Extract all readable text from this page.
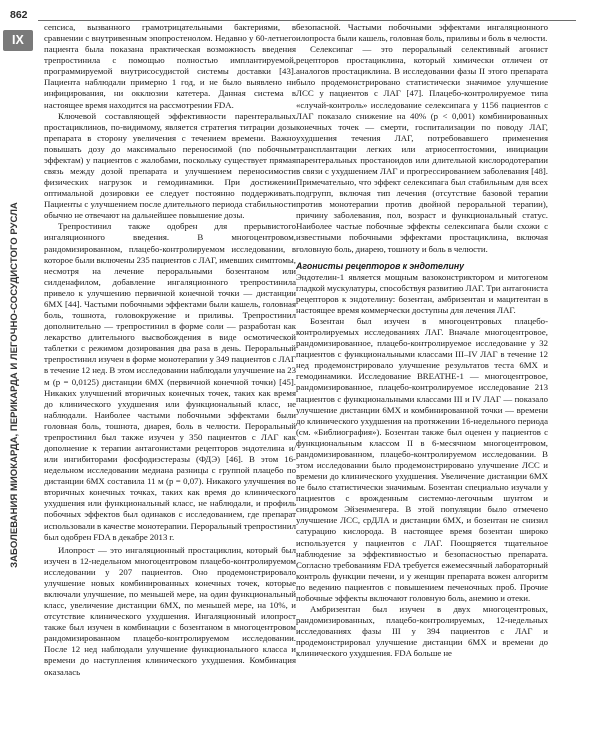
862
IX
ЗАБОЛЕВАНИЯ МИОКАРДА, ПЕРИКАРДА И ЛЕГОЧНО-СОСУДИСТОГО РУСЛА

сепсиса, вызванного грамотрицательными бактериями, в сравнении с внутривенным эпопростенолом. Недавно у 60-летнего пациента была показана практическая возможность введения трепростинила с помощью полностью имплантируемой, программируемой внутрисосудистой системы доставки [43]. Пациента наблюдали примерно 1 год, и не было выявлено ни инфицирования, ни окклюзии катетера. Данная система в настоящее время находится на рассмотрении FDA.

Ключевой составляющей эффективности парентеральных простациклинов, по-видимому, является стратегия титрации дозы препарата в сторону увеличения с течением времени. Важно повышать дозу до максимально переносимой (по побочным эффектам) у пациентов с жалобами, поскольку существует прямая связь между дозой препарата и улучшением переносимости физических нагрузок и гемодинамики. При достижении оптимальной дозировки ее следует постоянно поддерживать. Пациенты с улучшением после длительного периода стабильности обычно не отвечают на дальнейшее повышение дозы.

Трепростинил также одобрен для прерывистого ингаляционного введения. В многоцентровом, рандомизированном, плацебо-контролируемом исследовании, в которое были включены 235 пациентов с ЛАГ, имевших симптомы, несмотря на лечение пероральными бозентаном или силденафилом, добавление ингаляционного трепростинила привело к улучшению первичной конечной точки — дистанции 6МХ [44]. Частыми побочными эффектами были кашель, головная боль, тошнота, головокружение и приливы. Трепростинил дополнительно — трепростинил в форме соли — разработан как лекарство длительного высвобождения в виде осмотической таблетки с режимом дозирования два раза в день. Пероральный трепростинил изучен в форме монотерапии у 349 пациентов с ЛАГ в течение 12 нед. В этом исследовании наблюдали улучшение на 23 м (p = 0,0125) дистанции 6МХ (первичной конечной точки) [45]. Никаких улучшений вторичных конечных точек, таких как время до клинического ухудшения или функциональный класс, не наблюдали. Наиболее частыми побочными эффектами были головная боль, тошнота, диарея, боль в челюсти. Пероральный трепростинил был также изучен у 350 пациентов с ЛАГ как дополнение к терапии антагонистами рецепторов эндотелина и/или ингибиторами фосфодиэстеразы (ФДЭ) [46]. В этом 16-недельном исследовании медиана разницы с группой плацебо по дистанции 6МХ составила 11 м (p = 0,07). Никакого улучшения во вторичных конечных точках, таких как время до клинического ухудшения или функциональный класс, не наблюдали, и профиль побочных эффектов был одинаков с исследованием, где препарат использовали в качестве монотерапии. Пероральный трепростинил был одобрен FDA в декабре 2013 г.

Илопрост — это ингаляционный простациклин, который был изучен в 12-недельном многоцентровом плацебо-контролируемом исследовании у 207 пациентов. Оно продемонстрировало улучшение новых комбинированных конечных точек, которые включали улучшение, по меньшей мере, на один функциональный класс, увеличение дистанции 6МХ, по меньшей мере, на 10%, и отсутствие клинического ухудшения. Ингаляционный илопрост также был изучен в комбинации с бозентаном в многоцентровом рандомизированном плацебо-контролируемом исследовании. После 12 нед наблюдали улучшение функционального класса и времени до наступления клинического ухудшения. Комбинация оказалась

безопасной. Частыми побочными эффектами ингаляционного илопроста были кашель, головная боль, приливы и боль в челюсти.

Селексипаг — это пероральный селективный агонист рецепторов простациклина, который химически отличен от аналогов простациклина. В исследовании фазы II этого препарата было продемонстрировано статистически значимое улучшение ЛСС у пациентов с ЛАГ [47]. Плацебо-контролируемое типа «случай-контроль» исследование селексипага у 1156 пациентов с ЛАГ показало снижение на 40% (p < 0,001) комбинированных конечных точек — смерти, госпитализации по поводу ЛАГ, ухудшения течения ЛАГ, потребовавшего применения трансплантации легких или атриосептостомии, инициации парентеральных простаноидов или длительной кислородотерапии в связи с ухудшением ЛАГ и прогрессированием заболевания [48]. Примечательно, что эффект селексипага был стабильным для всех подгрупп, включая тип лечения (отсутствие базовой терапии против монотерапии против двойной пероральной терапии), причину заболевания, пол, возраст и функциональный статус. Наиболее частые побочные эффекты селексипага были схожи с известными побочными эффектами простациклина, включая головную боль, диарею, тошноту и боль в челюсти.

Агонисты рецепторов к эндотелину

Эндотелин-1 является мощным вазоконстриктором и митогеном гладкой мускулатуры, способствуя развитию ЛАГ. Три антагониста рецепторов к эндотелину: бозентан, амбризентан и мацитентан в настоящее время коммерчески доступны для лечения ЛАГ.

Бозентан был изучен в многоцентровых плацебо-контролируемых исследованиях ЛАГ. Вначале многоцентровое, рандомизированное, плацебо-контролируемое исследование у 32 пациентов с функциональными классами III–IV ЛАГ в течение 12 нед продемонстрировало улучшение результатов теста 6МХ и гемодинамики. Исследование BREATHE-1 — многоцентровое, рандомизированное, плацебо-контролируемое исследование 213 пациентов с функциональными классами III и IV ЛАГ — показало улучшение дистанции 6МХ и комбинированной точки — времени до клинического ухудшения на протяжении 16-недельного периода (см. «Библиография»). Бозентан также был оценен у пациентов с функциональным классом II в 6-месячном многоцентровом, рандомизированном, плацебо-контролируемом исследовании. В этом исследовании было продемонстрировано улучшение ЛСС и времени до клинического ухудшения. Увеличение дистанции 6МХ не было статистически значимым. Бозентан специально изучали у пациентов с врожденным системно-легочным шунтом и синдромом Эйзенменгера. В этой популяции было отмечено улучшение ЛСС, срДЛА и дистанции 6МХ, и бозентан не снизил сатурацию кислорода. В настоящее время бозентан широко используется у пациентов с ЛАГ. Поощряется тщательное наблюдение за эффективностью и безопасностью препарата. Согласно требованиям FDA требуется ежемесячный лабораторный контроль функции печени, и у женщин препарата вожен алгоритм по ведению пациентов с повышением печеночных проб. Прочие побочные эффекты включают головную боль, анемию и отеки.

Амбризентан был изучен в двух многоцентровых, рандомизированных, плацебо-контролируемых, 12-недельных исследованиях фазы III у 394 пациентов с ЛАГ и продемонстрировал улучшение дистанции 6МХ и времени до клинического ухудшения. FDA больше не
